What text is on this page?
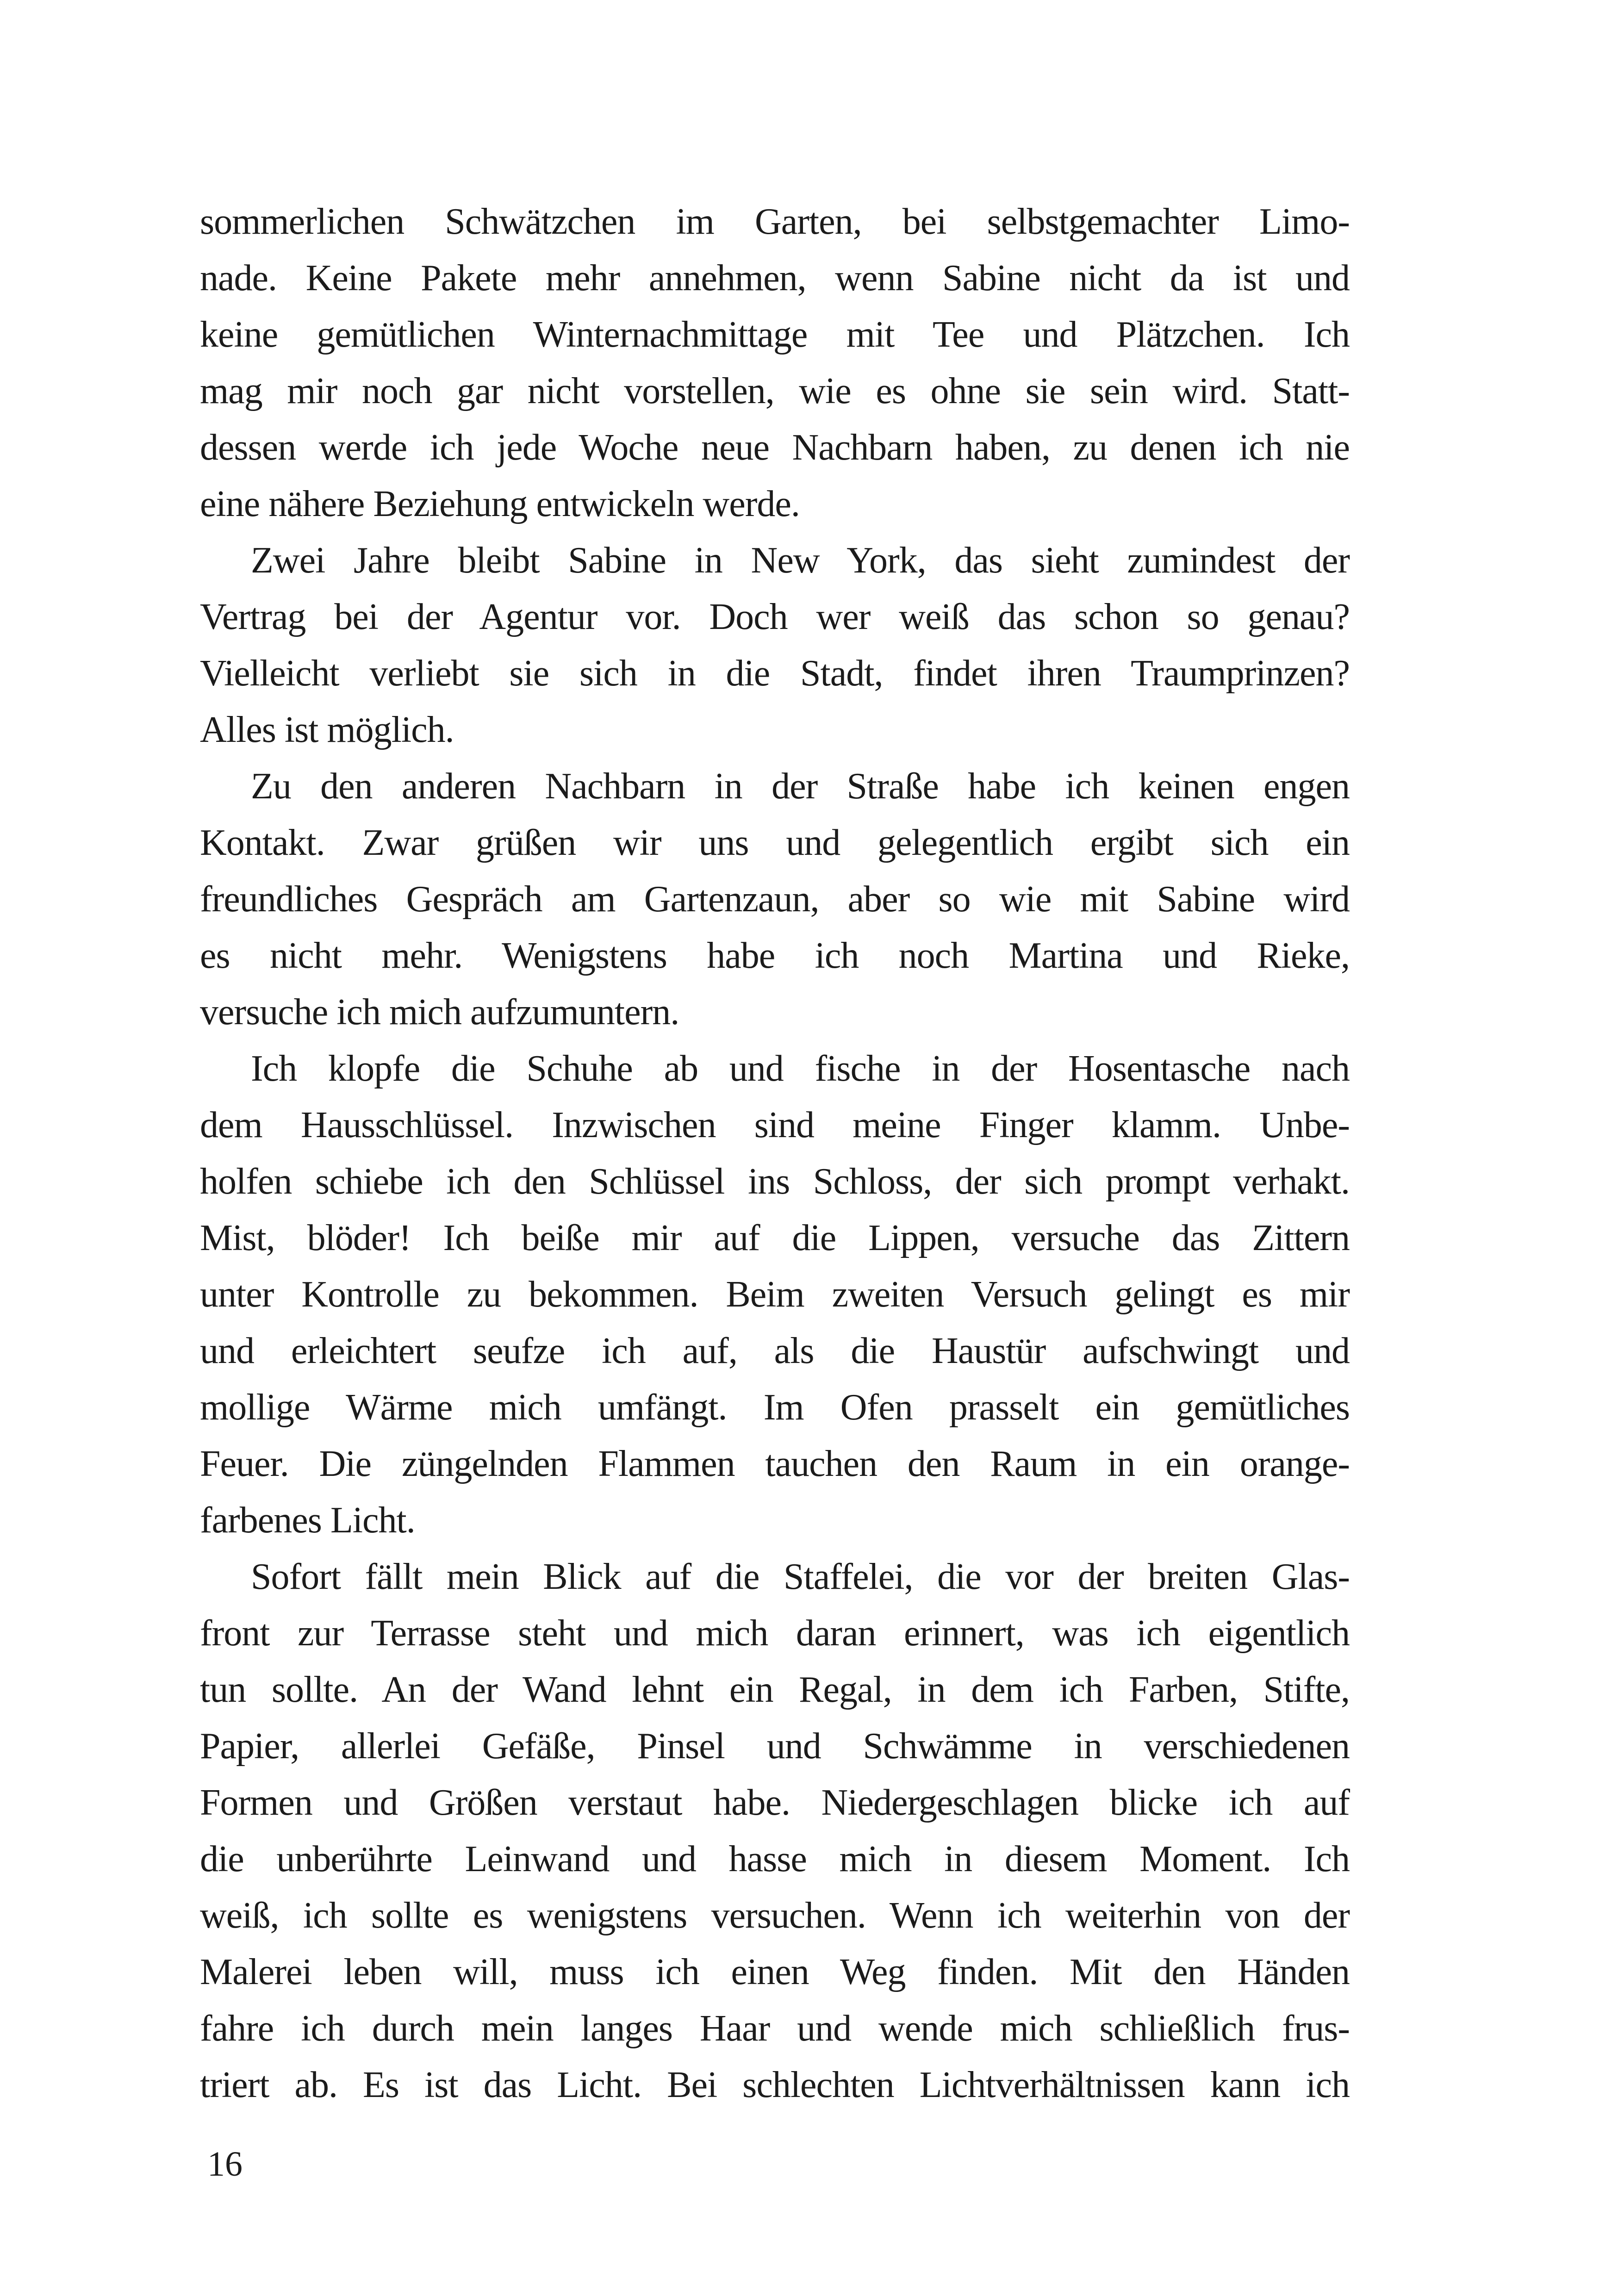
sommerlichen Schwätzchen im Garten, bei selbstgemachter Limo-
nade. Keine Pakete mehr annehmen, wenn Sabine nicht da ist und
keine gemütlichen Winternachmittage mit Tee und Plätzchen. Ich
mag mir noch gar nicht vorstellen, wie es ohne sie sein wird. Statt-
dessen werde ich jede Woche neue Nachbarn haben, zu denen ich nie
eine nähere Beziehung entwickeln werde.
Zwei Jahre bleibt Sabine in New York, das sieht zumindest der
Vertrag bei der Agentur vor. Doch wer weiß das schon so genau?
Vielleicht verliebt sie sich in die Stadt, findet ihren Traumprinzen?
Alles ist möglich.
Zu den anderen Nachbarn in der Straße habe ich keinen engen
Kontakt. Zwar grüßen wir uns und gelegentlich ergibt sich ein
freundliches Gespräch am Gartenzaun, aber so wie mit Sabine wird
es nicht mehr. Wenigstens habe ich noch Martina und Rieke,
versuche ich mich aufzumuntern.
Ich klopfe die Schuhe ab und fische in der Hosentasche nach
dem Hausschlüssel. Inzwischen sind meine Finger klamm. Unbe-
holfen schiebe ich den Schlüssel ins Schloss, der sich prompt verhakt.
Mist, blöder! Ich beiße mir auf die Lippen, versuche das Zittern
unter Kontrolle zu bekommen. Beim zweiten Versuch gelingt es mir
und erleichtert seufze ich auf, als die Haustür aufschwingt und
mollige Wärme mich umfängt. Im Ofen prasselt ein gemütliches
Feuer. Die züngelnden Flammen tauchen den Raum in ein orange-
farbenes Licht.
Sofort fällt mein Blick auf die Staffelei, die vor der breiten Glas-
front zur Terrasse steht und mich daran erinnert, was ich eigentlich
tun sollte. An der Wand lehnt ein Regal, in dem ich Farben, Stifte,
Papier, allerlei Gefäße, Pinsel und Schwämme in verschiedenen
Formen und Größen verstaut habe. Niedergeschlagen blicke ich auf
die unberührte Leinwand und hasse mich in diesem Moment. Ich
weiß, ich sollte es wenigstens versuchen. Wenn ich weiterhin von der
Malerei leben will, muss ich einen Weg finden. Mit den Händen
fahre ich durch mein langes Haar und wende mich schließlich frus-
triert ab. Es ist das Licht. Bei schlechten Lichtverhältnissen kann ich
16
